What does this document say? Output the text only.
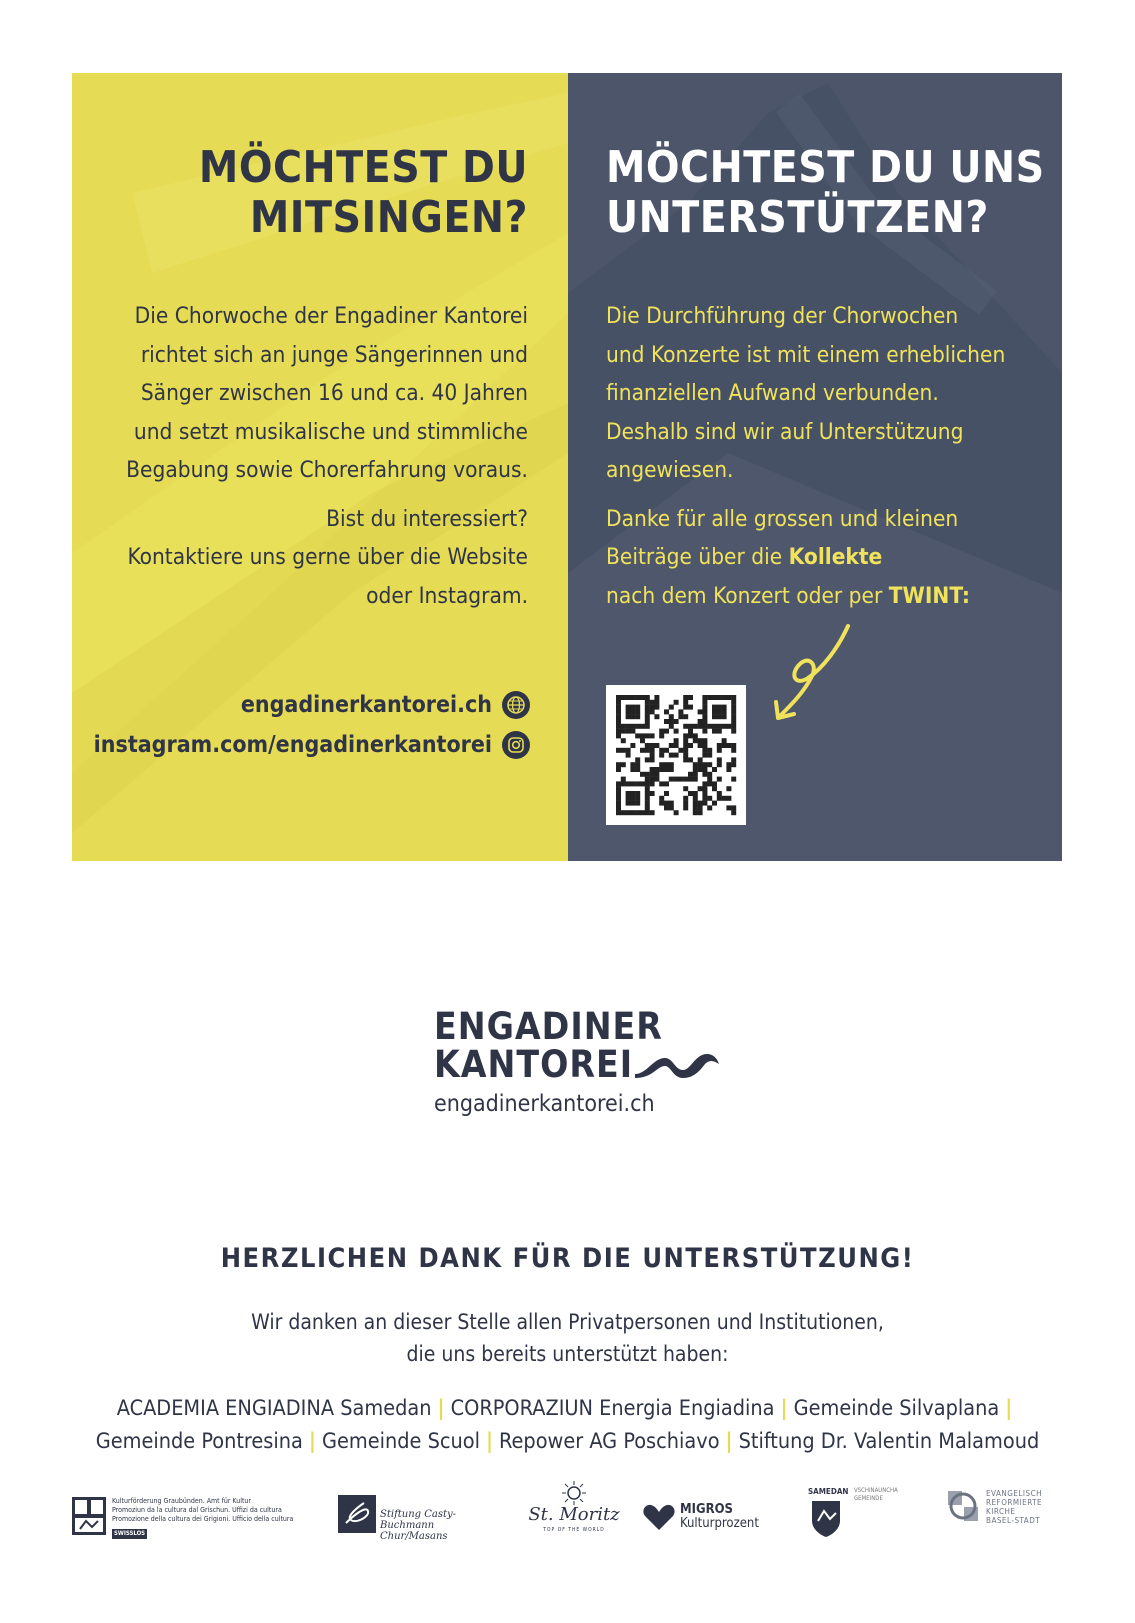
MÖCHTEST DU
MITSINGEN?

Die Chorwoche der Engadiner Kantorei
richtet sich an junge Sängerinnen und
Sänger zwischen 16 und ca. 40 Jahren
und setzt musikalische und stimmliche
Begabung sowie Chorerfahrung voraus.

Bist du interessiert?
Kontaktiere uns gerne über die Website
oder Instagram.

engadinerkantorei.ch
instagram.com/engadinerkantorei
MÖCHTEST DU UNS
UNTERSTÜTZEN?

Die Durchführung der Chorwochen
und Konzerte ist mit einem erheblichen
finanziellen Aufwand verbunden.
Deshalb sind wir auf Unterstützung
angewiesen.

Danke für alle grossen und kleinen
Beiträge über die Kollekte
nach dem Konzert oder per TWINT:

ENGADINER
KANTOREI
engadinerkantorei.ch
HERZLICHEN DANK FÜR DIE UNTERSTÜTZUNG!
Wir danken an dieser Stelle allen Privatpersonen und Institutionen,
die uns bereits unterstützt haben:
ACADEMIA ENGIADINA Samedan | CORPORAZIUN Energia Engiadina | Gemeinde Silvaplana |
Gemeinde Pontresina | Gemeinde Scuol | Repower AG Poschiavo | Stiftung Dr. Valentin Malamoud
Kulturförderung Graubünden. Amt für Kultur
Promoziun da la cultura dal Grischun. Uffizi da cultura
Promozione della cultura dei Grigioni. Ufficio della cultura
SWISSLOS
Stiftung Casty-Buchmann
Chur/Masans
St. Moritz
TOP OF THE WORLD
MIGROS
Kulturprozent
SAMEDAN VSCHINAUNCHA
GEMEINDE
EVANGELISCH
REFORMIERTE
KIRCHE
BASEL-STADT
